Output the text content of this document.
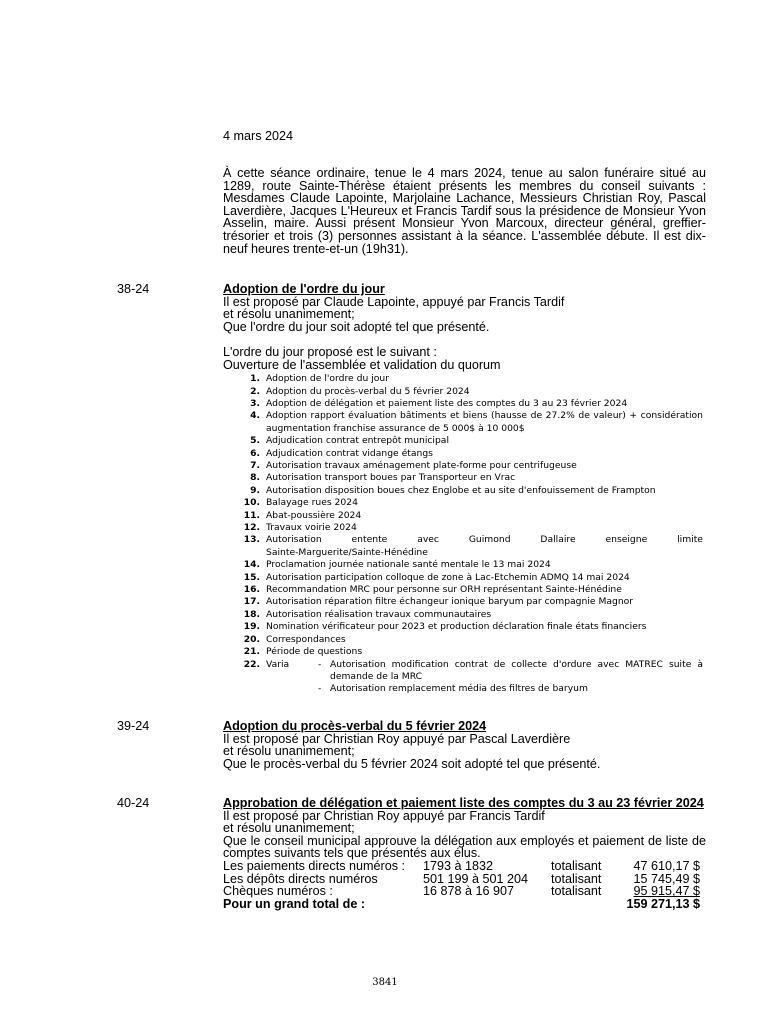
4 mars 2024
À cette séance ordinaire, tenue le 4 mars 2024, tenue au salon funéraire situé au 1289, route Sainte-Thérèse étaient présents les membres du conseil suivants : Mesdames Claude Lapointe, Marjolaine Lachance, Messieurs Christian Roy, Pascal Laverdière, Jacques L'Heureux et Francis Tardif sous la présidence de Monsieur Yvon Asselin, maire. Aussi présent Monsieur Yvon Marcoux, directeur général, greffier-trésorier et trois (3) personnes assistant à la séance. L'assemblée débute. Il est dix-neuf heures trente-et-un (19h31).
38-24	Adoption de l'ordre du jour
Il est proposé par Claude Lapointe, appuyé par Francis Tardif
et résolu unanimement;
Que l'ordre du jour soit adopté tel que présenté.
L'ordre du jour proposé est le suivant :
Ouverture de l'assemblée et validation du quorum
1. Adoption de l'ordre du jour
2. Adoption du procès-verbal du 5 février 2024
3. Adoption de délégation et paiement liste des comptes du 3 au 23 février 2024
4. Adoption rapport évaluation bâtiments et biens (hausse de 27.2% de valeur) + considération augmentation franchise assurance de 5 000$ à 10 000$
5. Adjudication contrat entrepôt municipal
6. Adjudication contrat vidange étangs
7. Autorisation travaux aménagement plate-forme pour centrifugeuse
8. Autorisation transport boues par Transporteur en Vrac
9. Autorisation disposition boues chez Englobe et au site d'enfouissement de Frampton
10. Balayage rues 2024
11. Abat-poussière 2024
12. Travaux voirie 2024
13. Autorisation	entente	avec	Guimond	Dallaire	enseigne	limite
Sainte-Marguerite/Sainte-Hénédine
14. Proclamation journée nationale santé mentale le 13 mai 2024
15. Autorisation participation colloque de zone à Lac-Etchemin ADMQ 14 mai 2024
16. Recommandation MRC pour personne sur ORH représentant Sainte-Hénédine
17. Autorisation réparation filtre échangeur ionique baryum par compagnie Magnor
18. Autorisation réalisation travaux communautaires
19. Nomination vérificateur pour 2023 et production déclaration finale états financiers
20. Correspondances
21. Période de questions
22. Varia	- Autorisation modification contrat de collecte d'ordure avec MATREC suite à demande de la MRC
- Autorisation remplacement média des filtres de baryum
39-24	Adoption du procès-verbal du 5 février 2024
Il est proposé par Christian Roy appuyé par Pascal Laverdière
et résolu unanimement;
Que le procès-verbal du 5 février 2024 soit adopté tel que présenté.
40-24	Approbation de délégation et paiement liste des comptes du 3 au 23 février 2024
Il est proposé par Christian Roy appuyé par Francis Tardif
et résolu unanimement;
Que le conseil municipal approuve la délégation aux employés et paiement de liste de comptes suivants tels que présentés aux élus.
Les paiements directs numéros :	1793 à 1832	totalisant	47 610,17 $
Les dépôts directs numéros	501 199 à 501 204	totalisant	15 745,49 $
Chèques numéros :	16 878 à 16 907	totalisant	95 915,47 $
Pour un grand total de :	159 271,13 $
3841
